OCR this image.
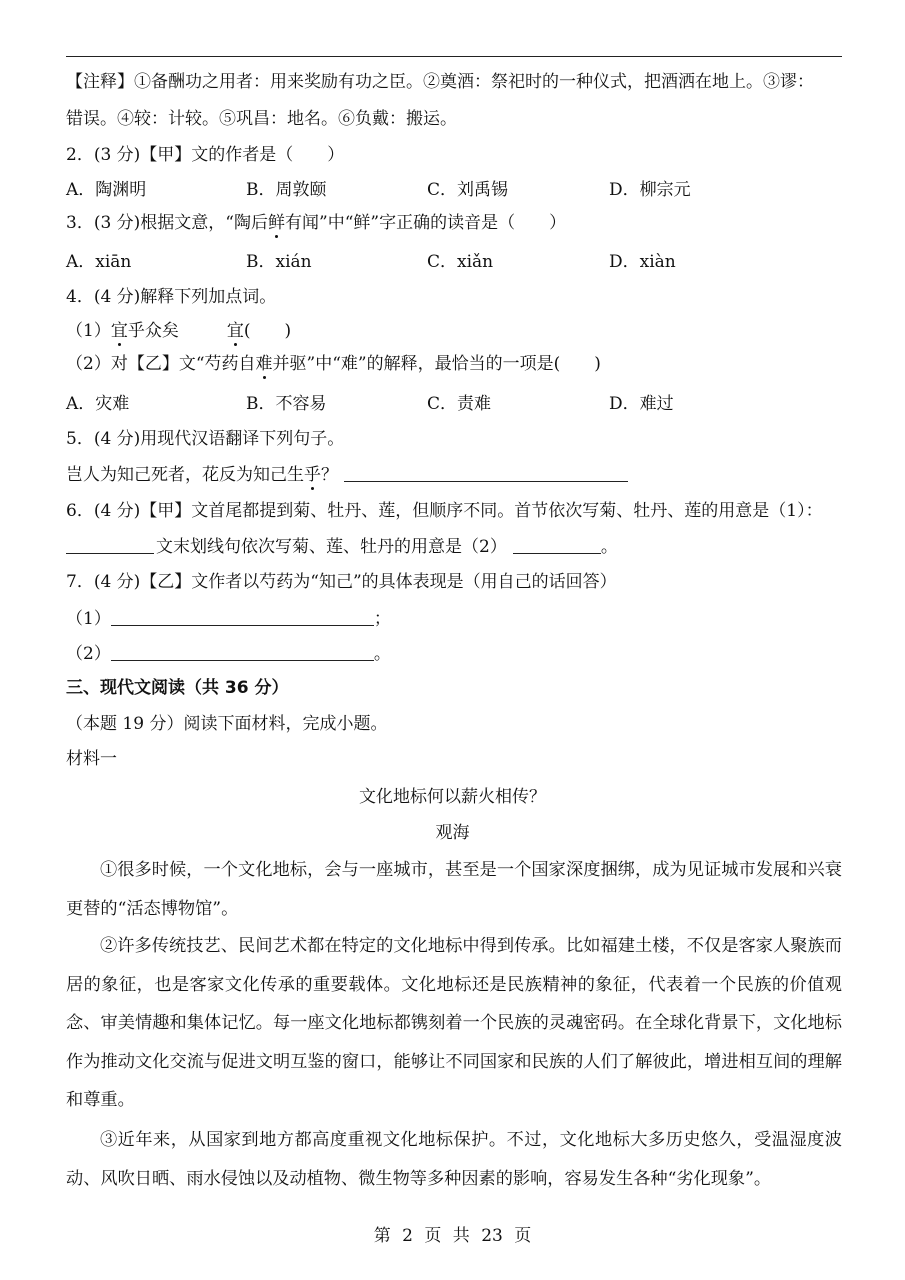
【注释】①备酬功之用者：用来奖励有功之臣。②奠酒：祭祀时的一种仪式，把酒洒在地上。③谬：
错误。④较：计较。⑤巩昌：地名。⑥负戴：搬运。
2．(3 分)【甲】文的作者是（　　）
A．陶渊明	B．周敦颐	C．刘禹锡	D．柳宗元
3．(3 分)根据文意，“陶后鲜有闻”中“鲜”字正确的读音是（　　）
A．xiān	B．xián	C．xiǎn	D．xiàn
4．(4 分)解释下列加点词。
（1）宜乎众矣	宜(　　)
（2）对【乙】文“芍药自难并驱”中“难”的解释，最恰当的一项是(　　)
A．灾难	B．不容易	C．责难	D．难过
5．(4 分)用现代汉语翻译下列句子。
岂人为知己死者，花反为知己生乎？
6．(4 分)【甲】文首尾都提到菊、牡丹、莲，但顺序不同。首节依次写菊、牡丹、莲的用意是（1）：
文末划线句依次写菊、莲、牡丹的用意是（2）	。
7．(4 分)【乙】文作者以芍药为“知己”的具体表现是（用自己的话回答）
（1）	；
（2）	。
三、现代文阅读（共 36 分）
（本题 19 分）阅读下面材料，完成小题。
材料一
文化地标何以薪火相传？
观海
①很多时候，一个文化地标，会与一座城市，甚至是一个国家深度捆绑，成为见证城市发展和兴衰更替的“活态博物馆”。
②许多传统技艺、民间艺术都在特定的文化地标中得到传承。比如福建土楼，不仅是客家人聚族而居的象征，也是客家文化传承的重要载体。文化地标还是民族精神的象征，代表着一个民族的价值观念、审美情趣和集体记忆。每一座文化地标都镌刻着一个民族的灵魂密码。在全球化背景下，文化地标作为推动文化交流与促进文明互鉴的窗口，能够让不同国家和民族的人们了解彼此，增进相互间的理解和尊重。
③近年来，从国家到地方都高度重视文化地标保护。不过，文化地标大多历史悠久，受温湿度波动、风吹日晒、雨水侵蚀以及动植物、微生物等多种因素的影响，容易发生各种“劣化现象”。
第 2 页 共 23 页
